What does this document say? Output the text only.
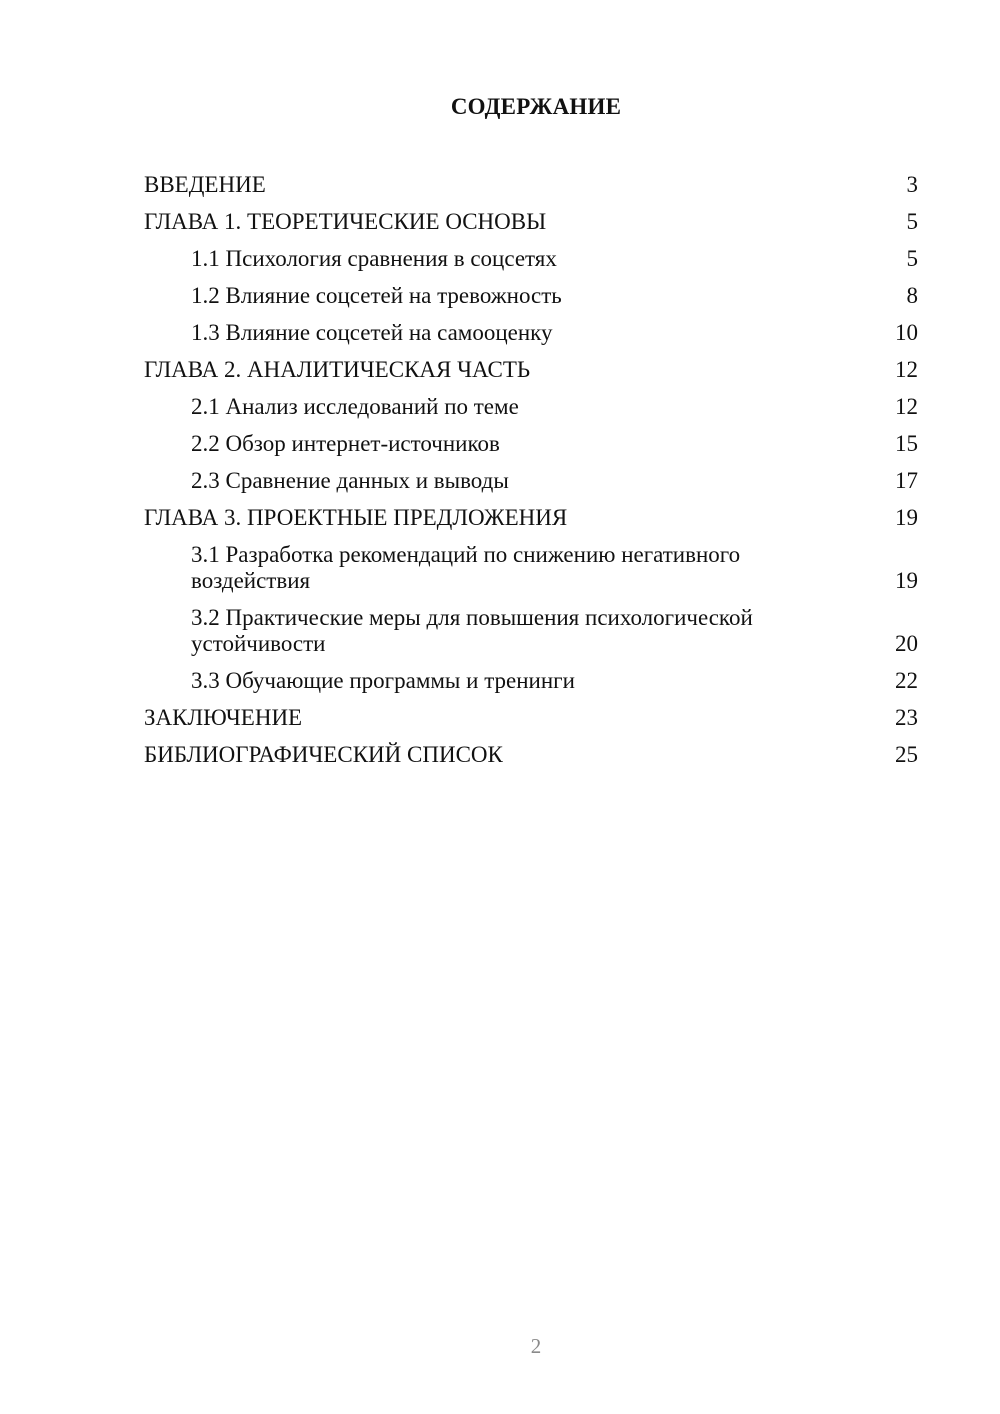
СОДЕРЖАНИЕ
ВВЕДЕНИЕ	3
ГЛАВА 1. ТЕОРЕТИЧЕСКИЕ ОСНОВЫ	5
1.1 Психология сравнения в соцсетях	5
1.2 Влияние соцсетей на тревожность	8
1.3 Влияние соцсетей на самооценку	10
ГЛАВА 2. АНАЛИТИЧЕСКАЯ ЧАСТЬ	12
2.1 Анализ исследований по теме	12
2.2 Обзор интернет-источников	15
2.3 Сравнение данных и выводы	17
ГЛАВА 3. ПРОЕКТНЫЕ ПРЕДЛОЖЕНИЯ	19
3.1 Разработка рекомендаций по снижению негативного воздействия	19
3.2 Практические меры для повышения психологической устойчивости	20
3.3 Обучающие программы и тренинги	22
ЗАКЛЮЧЕНИЕ	23
БИБЛИОГРАФИЧЕСКИЙ СПИСОК	25
2
